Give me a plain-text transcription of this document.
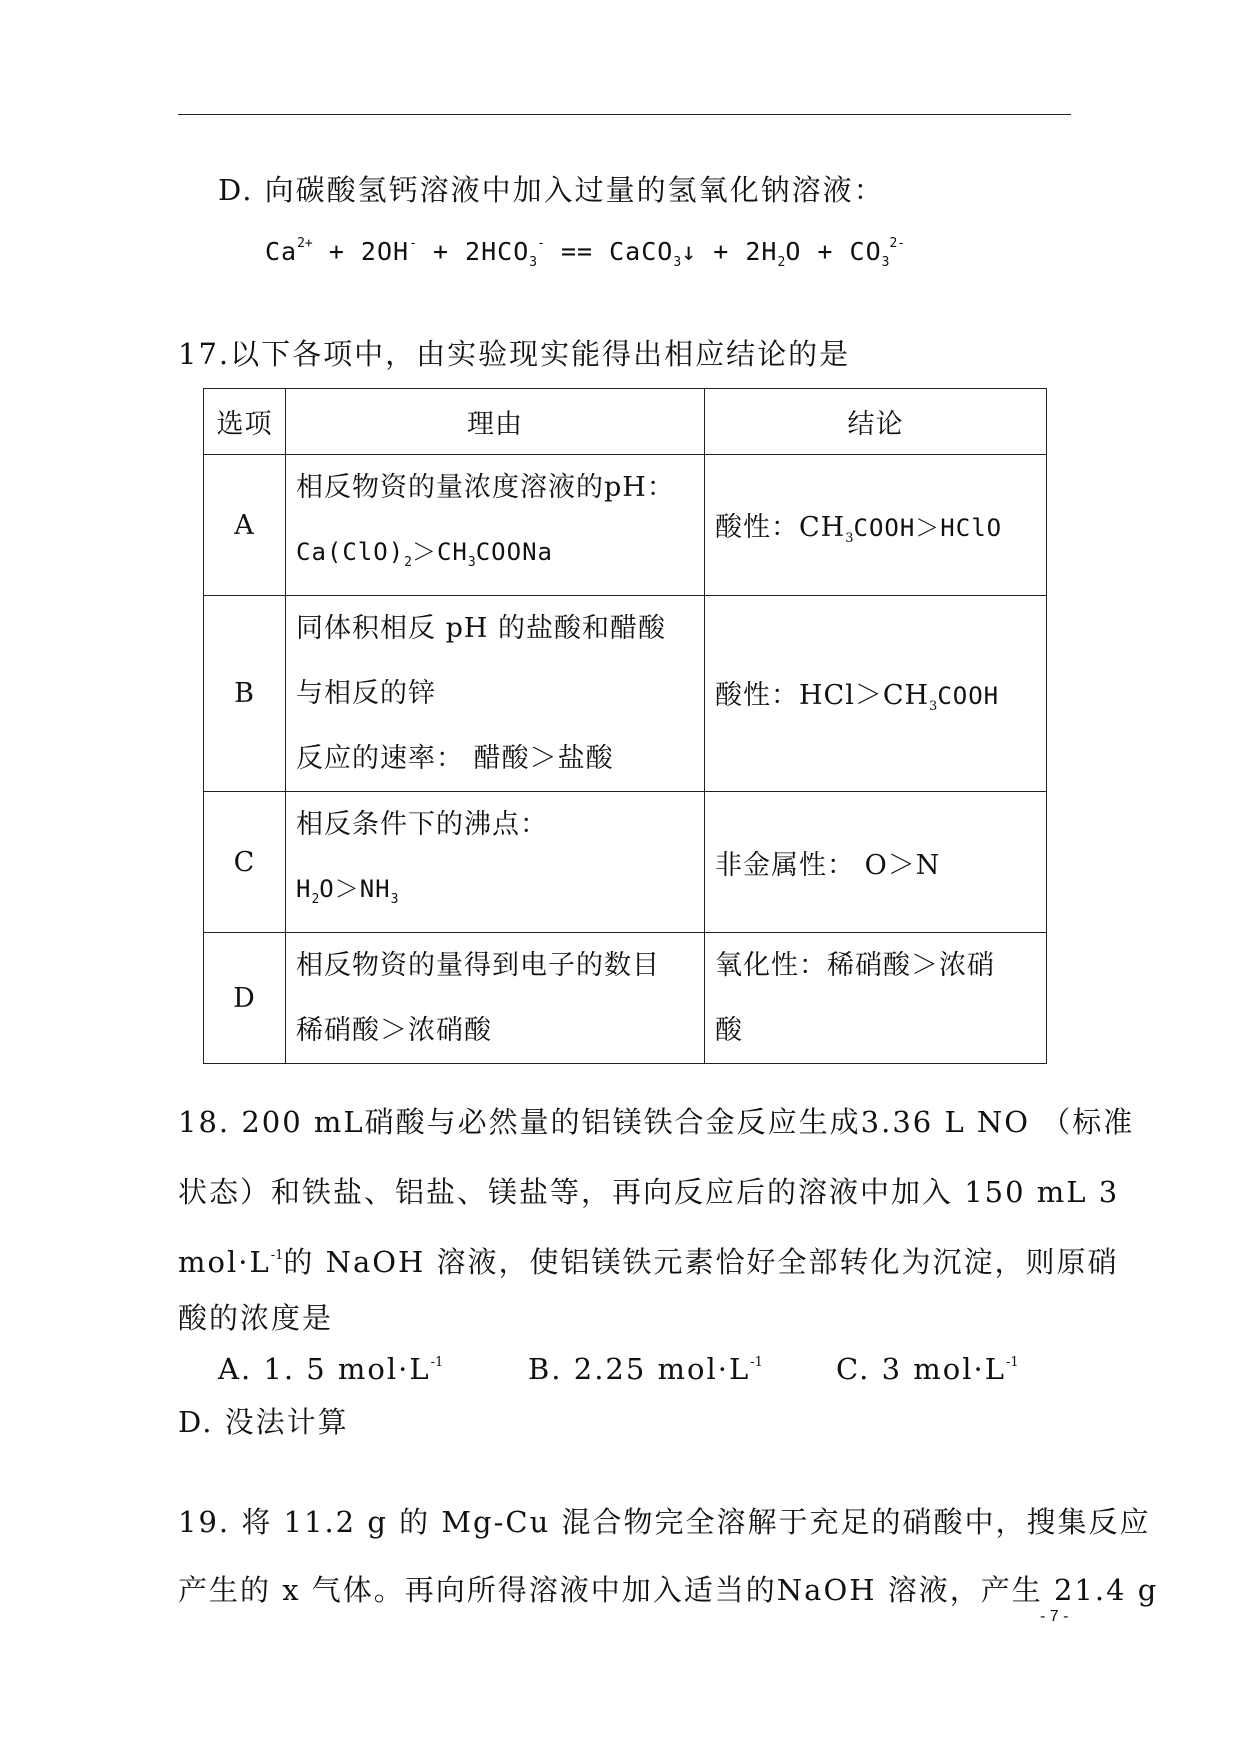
D. 向碳酸氢钙溶液中加入过量的氢氧化钠溶液：
$Ca^{2+} + 2OH^- + 2HCO_3^-$ == CaCO$_3$↓ + $2H_2O + CO_3^{2-}$
17.以下各项中，由实验现实能得出相应结论的是
选项	理由	结论
A	相反物资的量浓度溶液的pH：
$Ca(ClO)_2>CH_3COONa$	酸性：$CH_3COOH>HClO$
B	同体积相反 pH 的盐酸和醋酸
与相反的锌
反应的速率： 醋酸＞盐酸	酸性：$HCl>CH_3COOH$
C	相反条件下的沸点：
$H_2O>NH_3$	非金属性： O＞N
D	相反物资的量得到电子的数目
稀硝酸＞浓硝酸	氧化性：稀硝酸＞浓硝
酸
18. 200 mL硝酸与必然量的铝镁铁合金反应生成3.36 L NO （标准
状态）和铁盐、铝盐、镁盐等，再向反应后的溶液中加入 150 mL 3
$mol\cdot L^{-1}$的 NaOH 溶液，使铝镁铁元素恰好全部转化为沉淀，则原硝
酸的浓度是
A. 1. 5 $mol\cdot L^{-1}$	B. 2.25 $mol\cdot L^{-1}$	C. 3 $mol\cdot L^{-1}$
D. 没法计算
19. 将 11.2 g 的 Mg-Cu 混合物完全溶解于充足的硝酸中，搜集反应
产生的 x 气体。再向所得溶液中加入适当的NaOH 溶液，产生 21.4 g
- 7 -
